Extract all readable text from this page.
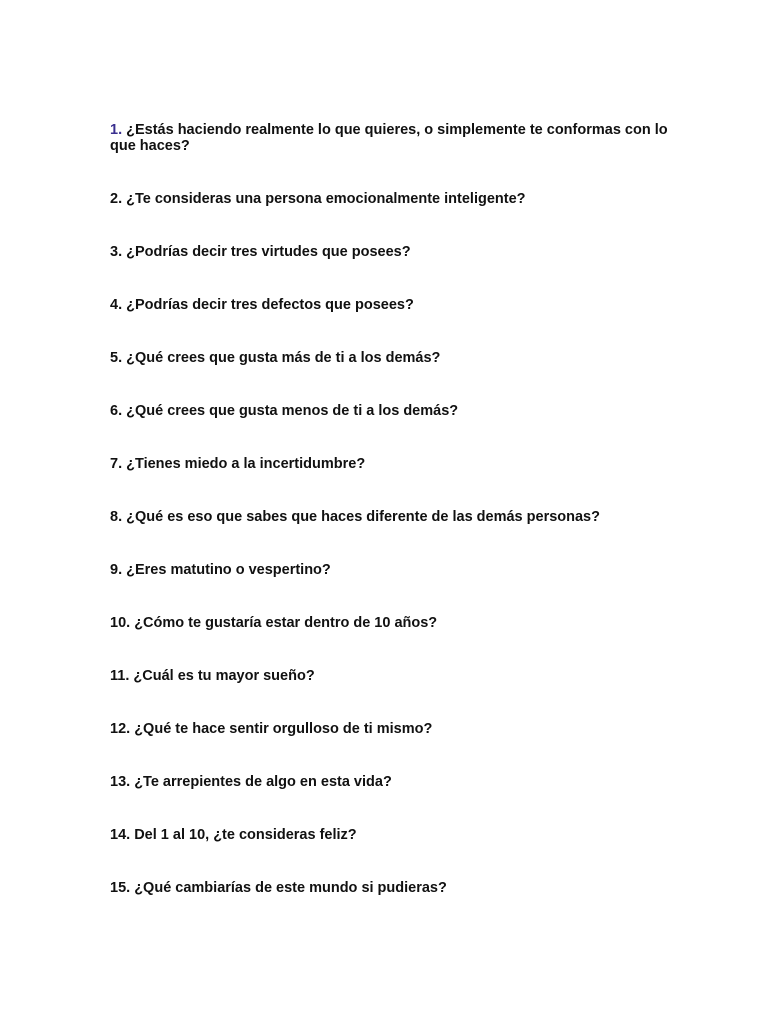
1. ¿Estás haciendo realmente lo que quieres, o simplemente te conformas con lo que haces?
2. ¿Te consideras una persona emocionalmente inteligente?
3. ¿Podrías decir tres virtudes que posees?
4. ¿Podrías decir tres defectos que posees?
5. ¿Qué crees que gusta más de ti a los demás?
6. ¿Qué crees que gusta menos de ti a los demás?
7. ¿Tienes miedo a la incertidumbre?
8. ¿Qué es eso que sabes que haces diferente de las demás personas?
9. ¿Eres matutino o vespertino?
10. ¿Cómo te gustaría estar dentro de 10 años?
11. ¿Cuál es tu mayor sueño?
12. ¿Qué te hace sentir orgulloso de ti mismo?
13. ¿Te arrepientes de algo en esta vida?
14. Del 1 al 10, ¿te consideras feliz?
15. ¿Qué cambiarías de este mundo si pudieras?
